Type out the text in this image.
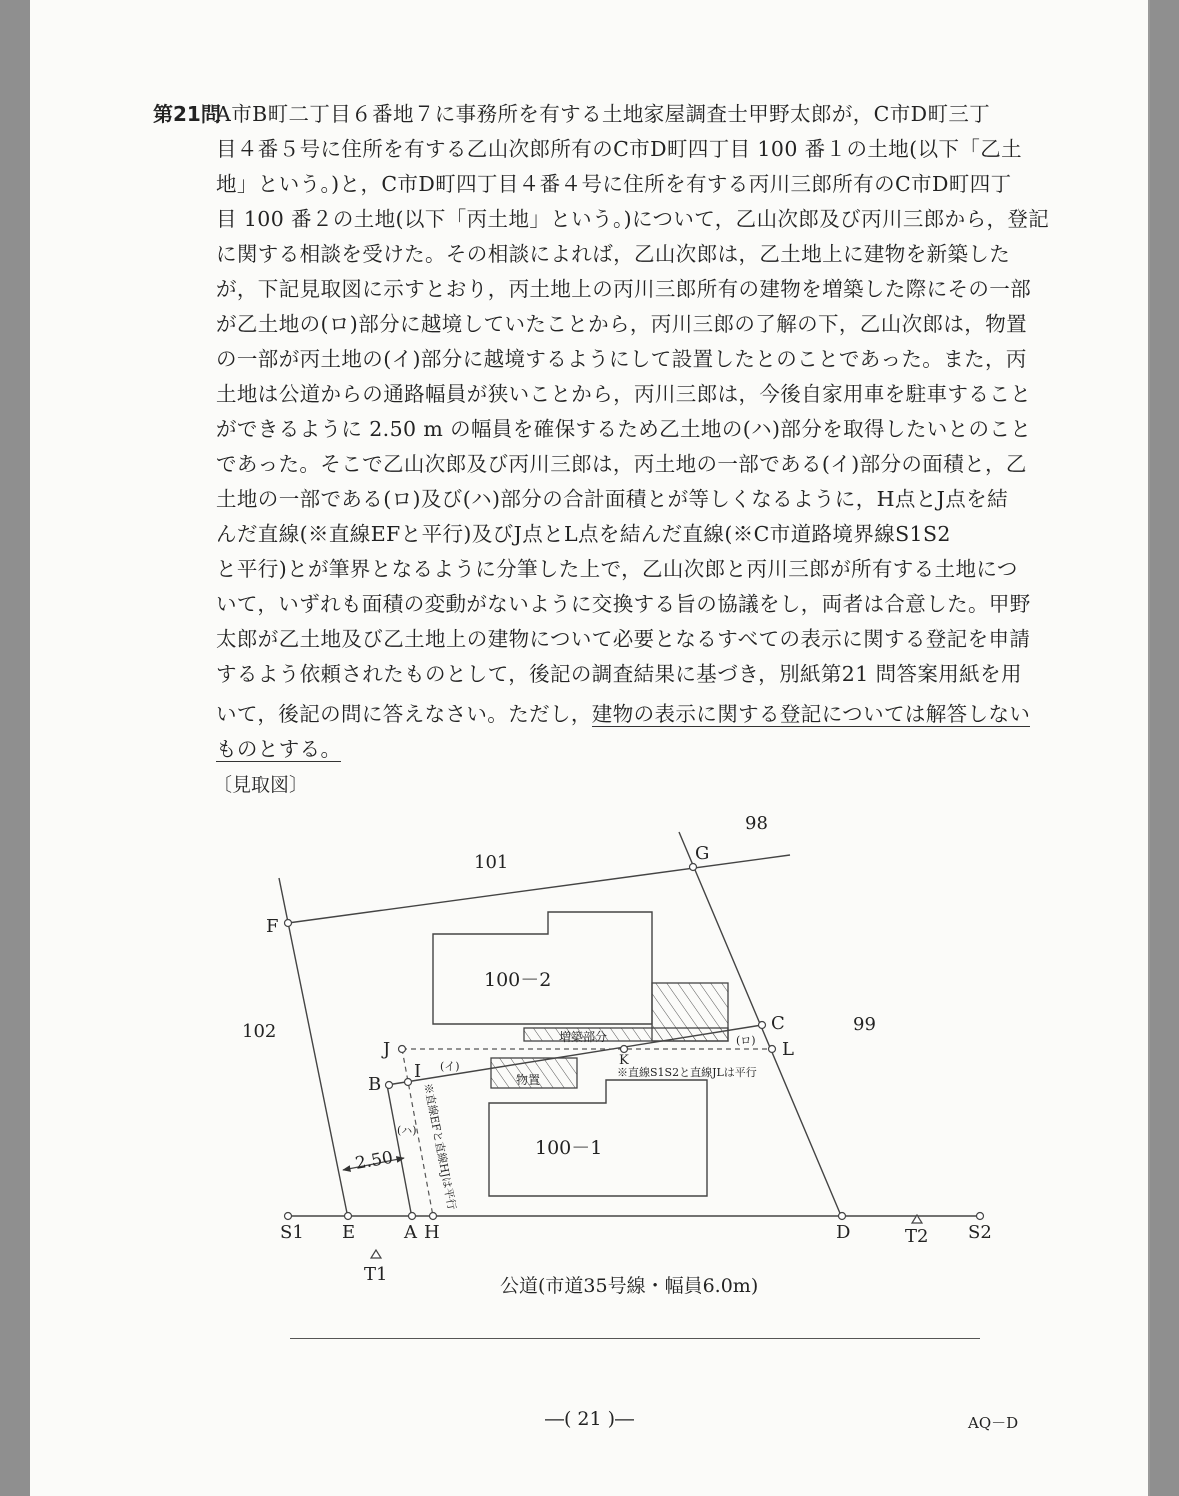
第21問
A市B町二丁目６番地７に事務所を有する土地家屋調査士甲野太郎が，C市D町三丁
目４番５号に住所を有する乙山次郎所有のC市D町四丁目 100 番１の土地(以下「乙土
地」という。)と，C市D町四丁目４番４号に住所を有する丙川三郎所有のC市D町四丁
目 100 番２の土地(以下「丙土地」という。)について，乙山次郎及び丙川三郎から，登記
に関する相談を受けた。その相談によれば，乙山次郎は，乙土地上に建物を新築した
が，下記見取図に示すとおり，丙土地上の丙川三郎所有の建物を増築した際にその一部
が乙土地の(ロ)部分に越境していたことから，丙川三郎の了解の下，乙山次郎は，物置
の一部が丙土地の(イ)部分に越境するようにして設置したとのことであった。また，丙
土地は公道からの通路幅員が狭いことから，丙川三郎は，今後自家用車を駐車すること
ができるように 2.50 m の幅員を確保するため乙土地の(ハ)部分を取得したいとのこと
であった。そこで乙山次郎及び丙川三郎は，丙土地の一部である(イ)部分の面積と，乙
土地の一部である(ロ)及び(ハ)部分の合計面積とが等しくなるように，H点とJ点を結
んだ直線(※直線EFと平行)及びJ点とL点を結んだ直線(※C市道路境界線S1S2
と平行)とが筆界となるように分筆した上で，乙山次郎と丙川三郎が所有する土地につ
いて，いずれも面積の変動がないように交換する旨の協議をし，両者は合意した。甲野
太郎が乙土地及び乙土地上の建物について必要となるすべての表示に関する登記を申請
するよう依頼されたものとして，後記の調査結果に基づき，別紙第21 問答案用紙を用
いて，後記の問に答えなさい。ただし，建物の表示に関する登記については解答しない
ものとする。
〔見取図〕
101
98
99
102
100－2
100－1
増築部分
物置
F
G
C
L
J
I
B
K
S1 E	A H	D
T1
T2 S2
(イ)
(ロ)
(ハ)
2.50
※直線S1S2と直線JLは平行
※直線EFと直線HJは平行
公道(市道35号線・幅員6.0m)
―( 21 )―	AQ－D
